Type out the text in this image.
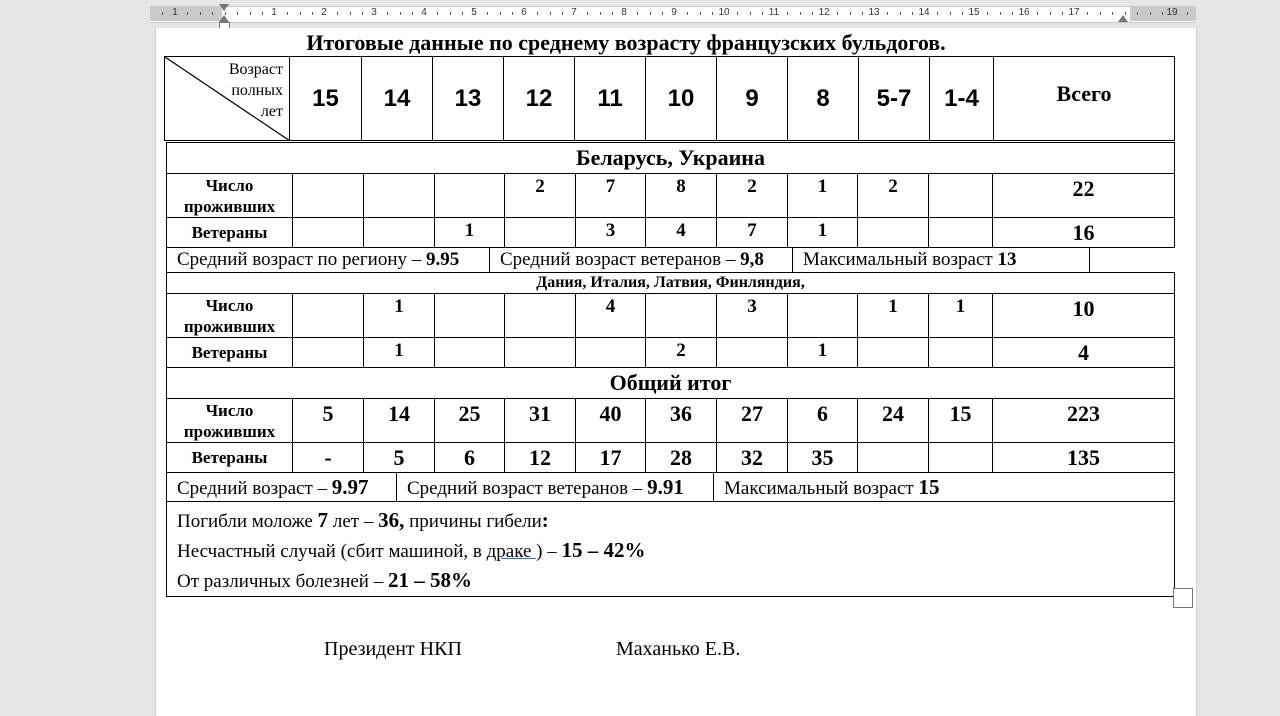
1	1	2	3	4	5	6	7	8	9	10	11	12	13	14	15	16	17	19
Итоговые данные по среднему возрасту французских бульдогов.
Возраст
полных
лет	15	14	13	12	11	10	9	8	5-7	1-4	Всего
Беларусь, Украина											

Число
проживших				2	7	8	2	1	2		22
Ветераны			1		3	4	7	1			16

Средний возраст по региону – 9.95 Средний возраст ветеранов – 9,8 Максимальный возраст 13											

Дания, Италия, Латвия, Финляндия,											

Число
проживших		1			4		3		1	1	10
Ветераны		1				2		1			4
Общий итог											

Число
проживших	5	14	25	31	40	36	27	6	24	15	223
Ветераны	-	5	6	12	17	28	32	35			135

Средний возраст – 9.97 Средний возраст ветеранов – 9.91 Максимальный возраст 15											

Погибли моложе 7 лет – 36, причины гибели:
Несчастный случай (сбит машиной, в драке ) – 15 – 42%
От различных болезней – 21 – 58%											
Президент НКП	Маханько Е.В.
